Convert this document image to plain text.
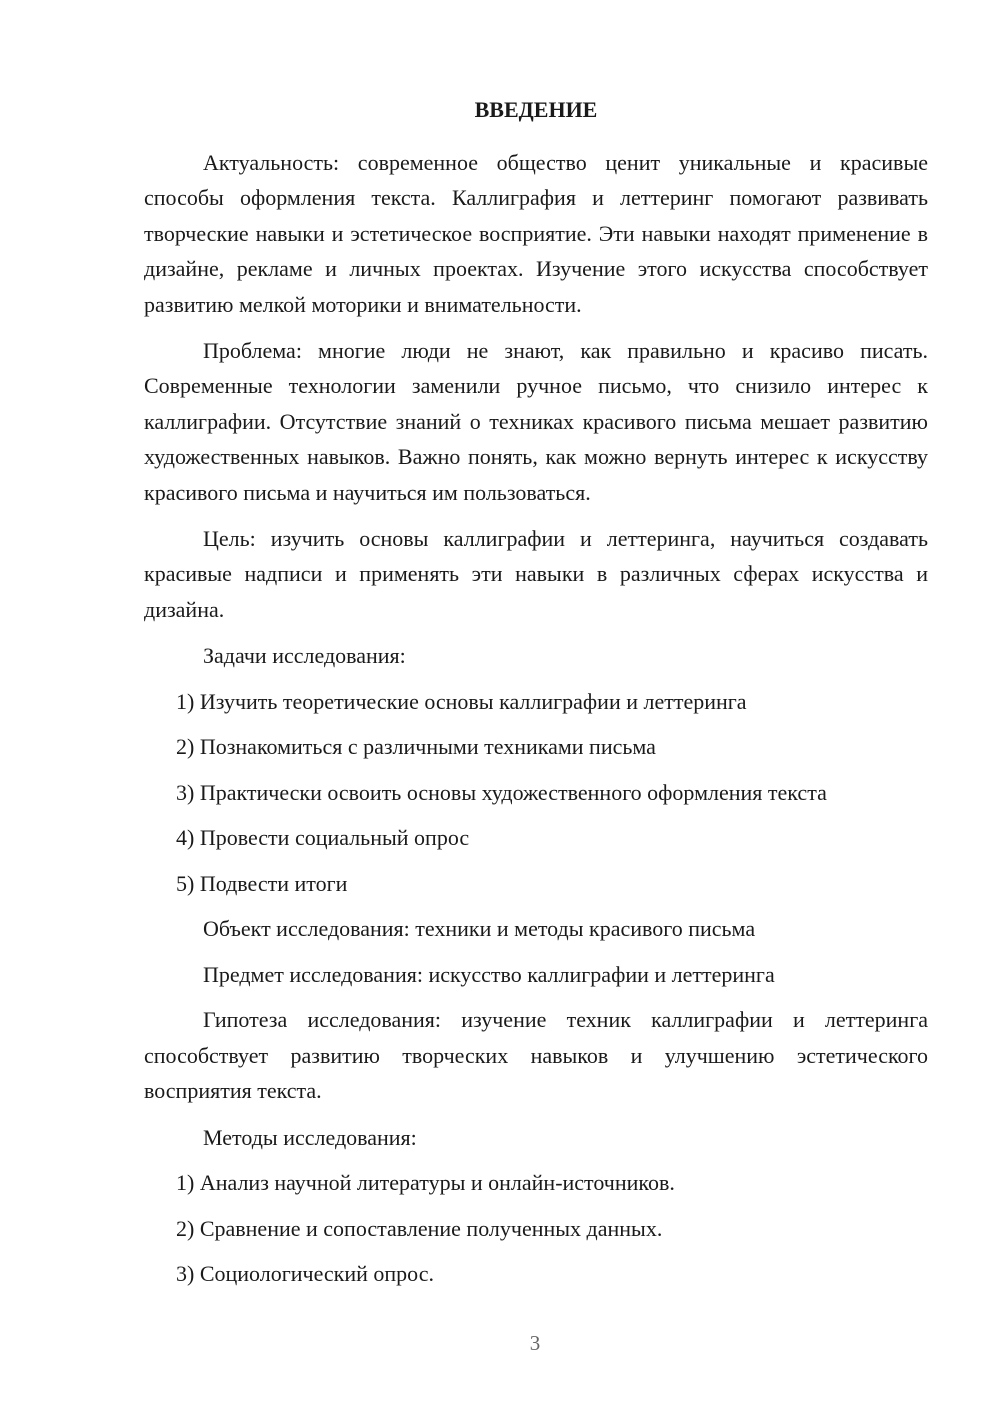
ВВЕДЕНИЕ

Актуальность: современное общество ценит уникальные и красивые способы оформления текста. Каллиграфия и леттеринг помогают развивать творческие навыки и эстетическое восприятие. Эти навыки находят применение в дизайне, рекламе и личных проектах. Изучение этого искусства способствует развитию мелкой моторики и внимательности.

Проблема: многие люди не знают, как правильно и красиво писать. Современные технологии заменили ручное письмо, что снизило интерес к каллиграфии. Отсутствие знаний о техниках красивого письма мешает развитию художественных навыков. Важно понять, как можно вернуть интерес к искусству красивого письма и научиться им пользоваться.

Цель: изучить основы каллиграфии и леттеринга, научиться создавать красивые надписи и применять эти навыки в различных сферах искусства и дизайна.

Задачи исследования:
1) Изучить теоретические основы каллиграфии и леттеринга
2) Познакомиться с различными техниками письма
3) Практически освоить основы художественного оформления текста
4) Провести социальный опрос
5) Подвести итоги
Объект исследования: техники и методы красивого письма
Предмет исследования: искусство каллиграфии и леттеринга

Гипотеза исследования: изучение техник каллиграфии и леттеринга способствует развитию творческих навыков и улучшению эстетического восприятия текста.

Методы исследования:
1) Анализ научной литературы и онлайн-источников.
2) Сравнение и сопоставление полученных данных.
3) Социологический опрос.
3
